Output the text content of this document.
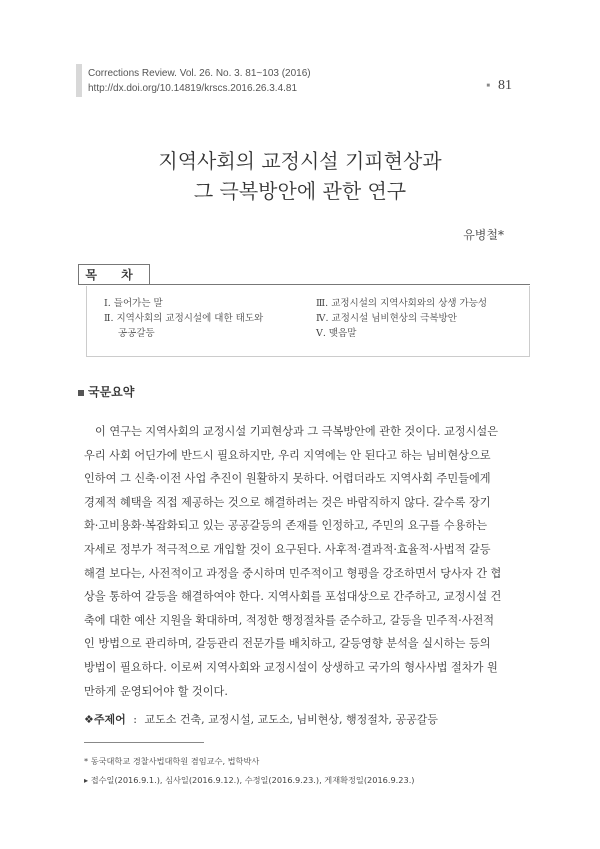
Corrections Review. Vol. 26. No. 3. 81~103 (2016)
http://dx.doi.org/10.14819/krscs.2016.26.3.4.81	■ 81
지역사회의 교정시설 기피현상과
그 극복방안에 관한 연구
유병철*
목 차
Ⅰ. 들어가는 말
Ⅱ. 지역사회의 교정시설에 대한 태도와
공공갈등
Ⅲ. 교정시설의 지역사회와의 상생 가능성
Ⅳ. 교정시설 님비현상의 극복방안
Ⅴ. 맺음말
국문요약
이 연구는 지역사회의 교정시설 기피현상과 그 극복방안에 관한 것이다. 교정시설은
우리 사회 어딘가에 반드시 필요하지만, 우리 지역에는 안 된다고 하는 님비현상으로
인하여 그 신축·이전 사업 추진이 원활하지 못하다. 어렵더라도 지역사회 주민들에게
경제적 혜택을 직접 제공하는 것으로 해결하려는 것은 바람직하지 않다. 갈수록 장기
화·고비용화·복잡화되고 있는 공공갈등의 존재를 인정하고, 주민의 요구를 수용하는
자세로 정부가 적극적으로 개입할 것이 요구된다. 사후적·결과적·효율적·사법적 갈등
해결 보다는, 사전적이고 과정을 중시하며 민주적이고 형평을 강조하면서 당사자 간 협
상을 통하여 갈등을 해결하여야 한다. 지역사회를 포섭대상으로 간주하고, 교정시설 건
축에 대한 예산 지원을 확대하며, 적정한 행정절차를 준수하고, 갈등을 민주적·사전적
인 방법으로 관리하며, 갈등관리 전문가를 배치하고, 갈등영향 분석을 실시하는 등의
방법이 필요하다. 이로써 지역사회와 교정시설이 상생하고 국가의 형사사법 절차가 원
만하게 운영되어야 할 것이다.
❖주제어 : 교도소 건축, 교정시설, 교도소, 님비현상, 행정절차, 공공갈등
* 동국대학교 경찰사법대학원 겸임교수, 법학박사
▸ 접수일(2016.9.1.), 심사일(2016.9.12.), 수정일(2016.9.23.), 게재확정일(2016.9.23.)
